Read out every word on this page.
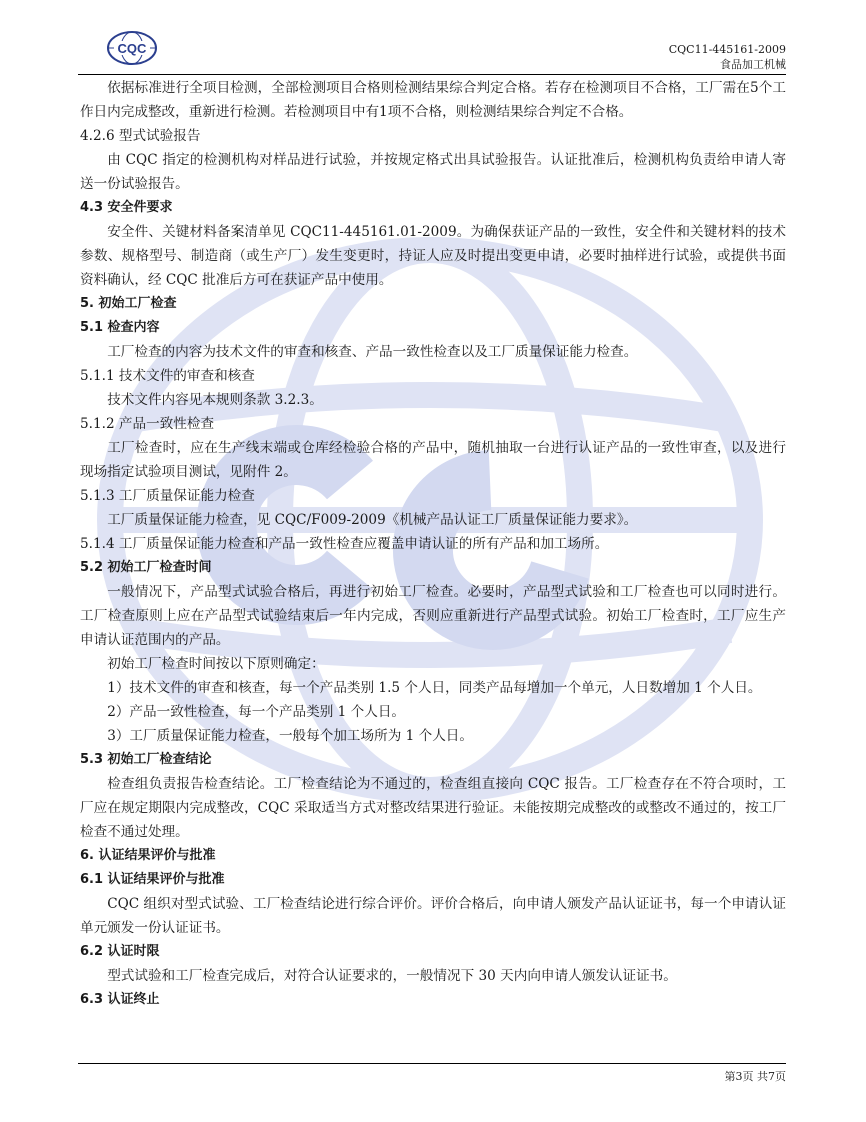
CQC	CQC11-445161-2009
食品加工机械

依据标准进行全项目检测，全部检测项目合格则检测结果综合判定合格。若存在检测项目不合格，工厂需在5个工作日内完成整改，重新进行检测。若检测项目中有1项不合格，则检测结果综合判定不合格。

4.2.6 型式试验报告

由 CQC 指定的检测机构对样品进行试验，并按规定格式出具试验报告。认证批准后，检测机构负责给申请人寄送一份试验报告。

4.3 安全件要求

安全件、关键材料备案清单见 CQC11-445161.01-2009。为确保获证产品的一致性，安全件和关键材料的技术参数、规格型号、制造商（或生产厂）发生变更时，持证人应及时提出变更申请，必要时抽样进行试验，或提供书面资料确认，经 CQC 批准后方可在获证产品中使用。

5. 初始工厂检查

5.1 检查内容

工厂检查的内容为技术文件的审查和核查、产品一致性检查以及工厂质量保证能力检查。

5.1.1 技术文件的审查和核查

技术文件内容见本规则条款 3.2.3。

5.1.2 产品一致性检查

工厂检查时，应在生产线末端或仓库经检验合格的产品中，随机抽取一台进行认证产品的一致性审查，以及进行现场指定试验项目测试，见附件 2。

5.1.3 工厂质量保证能力检查

工厂质量保证能力检查，见 CQC/F009-2009《机械产品认证工厂质量保证能力要求》。

5.1.4 工厂质量保证能力检查和产品一致性检查应覆盖申请认证的所有产品和加工场所。

5.2 初始工厂检查时间

一般情况下，产品型式试验合格后，再进行初始工厂检查。必要时，产品型式试验和工厂检查也可以同时进行。工厂检查原则上应在产品型式试验结束后一年内完成，否则应重新进行产品型式试验。初始工厂检查时，工厂应生产申请认证范围内的产品。

初始工厂检查时间按以下原则确定：

1）技术文件的审查和核查，每一个产品类别 1.5 个人日，同类产品每增加一个单元，人日数增加 1 个人日。

2）产品一致性检查，每一个产品类别 1 个人日。

3）工厂质量保证能力检查，一般每个加工场所为 1 个人日。

5.3 初始工厂检查结论

检查组负责报告检查结论。工厂检查结论为不通过的，检查组直接向 CQC 报告。工厂检查存在不符合项时，工厂应在规定期限内完成整改，CQC 采取适当方式对整改结果进行验证。未能按期完成整改的或整改不通过的，按工厂检查不通过处理。

6. 认证结果评价与批准

6.1 认证结果评价与批准

CQC 组织对型式试验、工厂检查结论进行综合评价。评价合格后，向申请人颁发产品认证证书，每一个申请认证单元颁发一份认证证书。

6.2 认证时限

型式试验和工厂检查完成后，对符合认证要求的，一般情况下 30 天内向申请人颁发认证证书。

6.3 认证终止

第3页 共7页
